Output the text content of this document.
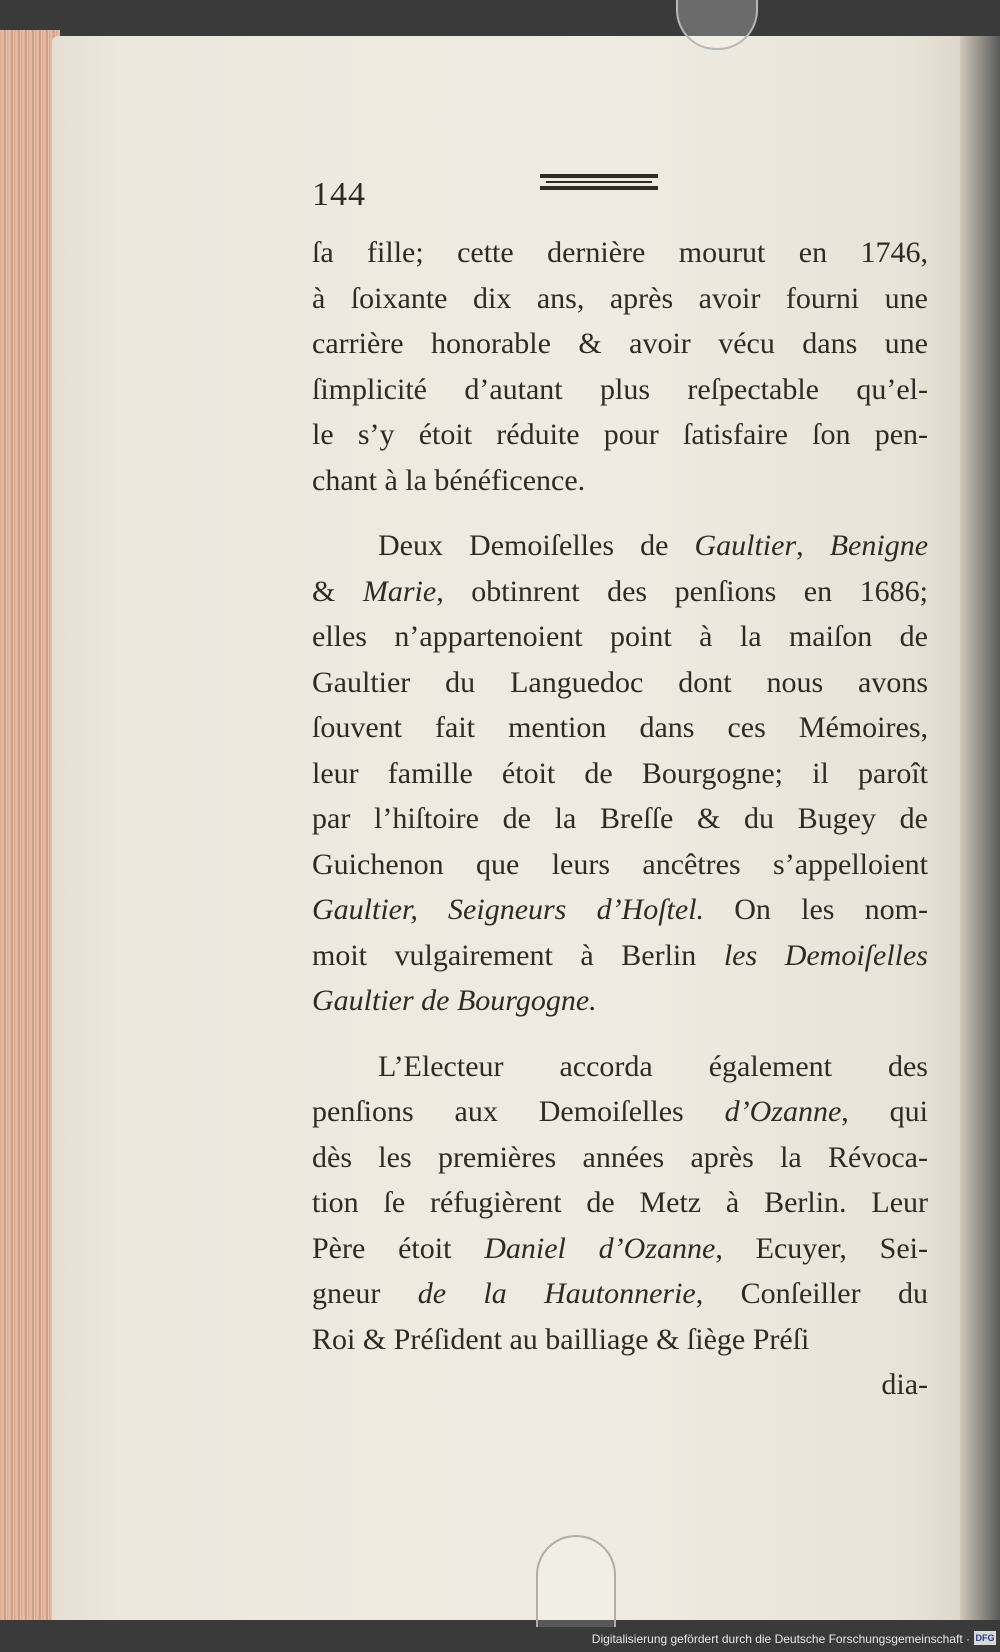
144
ſa fille; cette dernière mourut en 1746,
à ſoixante dix ans, après avoir fourni une
carrière honorable & avoir vécu dans une
ſimplicité d’autant plus reſpectable qu’el-
le s’y étoit réduite pour ſatisfaire ſon pen-
chant à la bénéficence.
Deux Demoiſelles de Gaultier, Benigne
& Marie, obtinrent des penſions en 1686;
elles n’appartenoient point à la maiſon de
Gaultier du Languedoc dont nous avons
ſouvent fait mention dans ces Mémoires,
leur famille étoit de Bourgogne; il paroît
par l’hiſtoire de la Breſſe & du Bugey de
Guichenon que leurs ancêtres s’appelloient
Gaultier, Seigneurs d’Hoſtel. On les nom-
moit vulgairement à Berlin les Demoiſelles
Gaultier de Bourgogne.
L’Electeur accorda également des
penſions aux Demoiſelles d’Ozanne, qui
dès les premières années après la Révoca-
tion ſe réfugièrent de Metz à Berlin. Leur
Père étoit Daniel d’Ozanne, Ecuyer, Sei-
gneur de la Hautonnerie, Conſeiller du
Roi & Préſident au bailliage & ſiège Préſi
dia-
Digitalisierung gefördert durch die Deutsche Forschungsgemeinschaft · DFG
